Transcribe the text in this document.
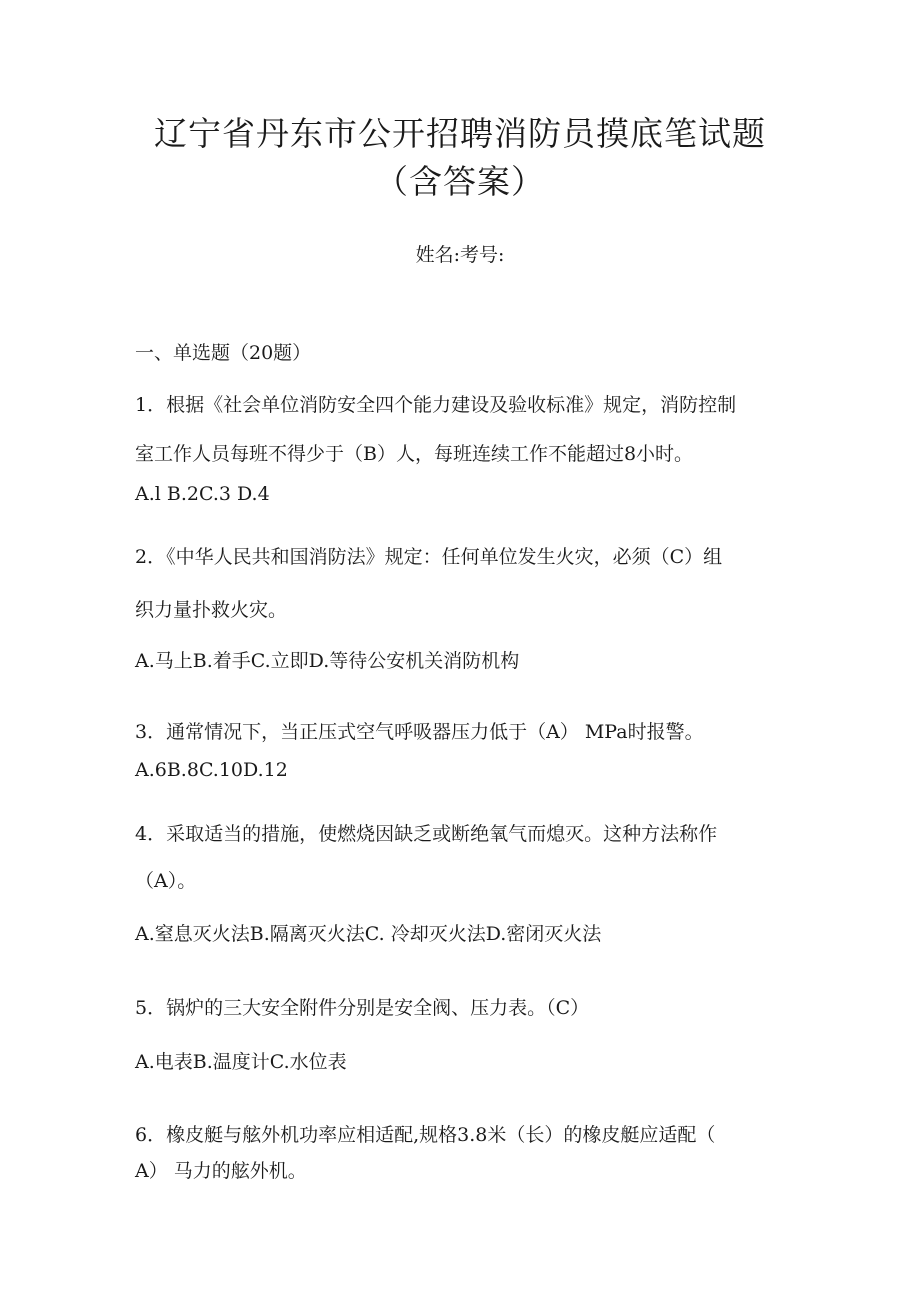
辽宁省丹东市公开招聘消防员摸底笔试题
（含答案）
姓名:考号:
一、单选题（20题）
1．根据《社会单位消防安全四个能力建设及验收标准》规定，消防控制
室工作人员每班不得少于（B）人，每班连续工作不能超过8小时。
A.l B.2C.3 D.4
2．《中华人民共和国消防法》规定：任何单位发生火灾，必须（C）组
织力量扑救火灾。
A.马上B.着手C.立即D.等待公安机关消防机构
3．通常情况下，当正压式空气呼吸器压力低于（A） MPa时报警。
A.6B.8C.10D.12
4．采取适当的措施，使燃烧因缺乏或断绝氧气而熄灭。这种方法称作
（A）。
A.窒息灭火法B.隔离灭火法C. 冷却灭火法D.密闭灭火法
5．锅炉的三大安全附件分别是安全阀、压力表。（C）
A.电表B.温度计C.水位表
6．橡皮艇与舷外机功率应相适配,规格3.8米（长）的橡皮艇应适配（
A） 马力的舷外机。
